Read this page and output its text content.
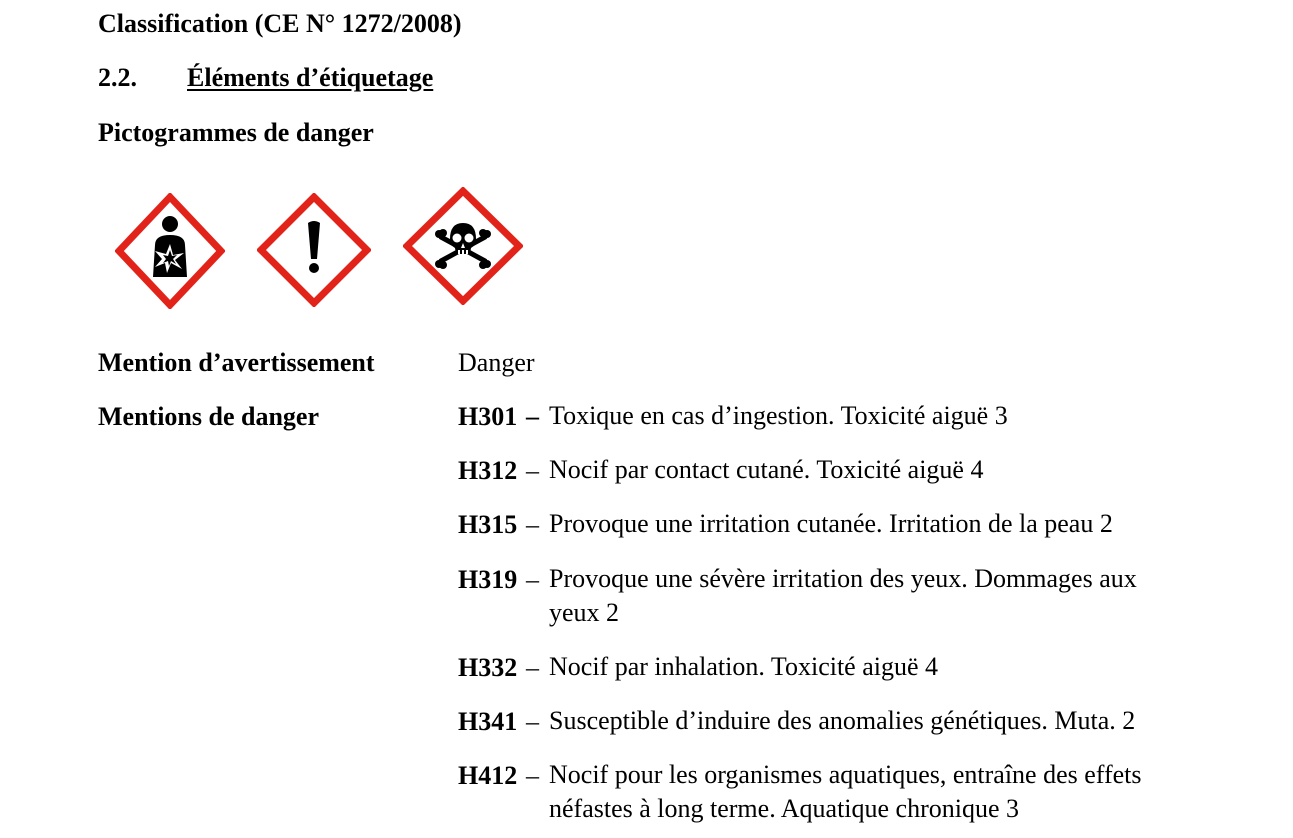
Classification (CE N° 1272/2008)
2.2. Éléments d’étiquetage
Pictogrammes de danger
Mention d’avertissement	Danger
Mentions de danger	H301 – Toxique en cas d’ingestion. Toxicité aiguë 3
H312 – Nocif par contact cutané. Toxicité aiguë 4
H315 – Provoque une irritation cutanée. Irritation de la peau 2
H319 – Provoque une sévère irritation des yeux. Dommages aux yeux 2
H332 – Nocif par inhalation. Toxicité aiguë 4
H341 – Susceptible d’induire des anomalies génétiques. Muta. 2
H412 – Nocif pour les organismes aquatiques, entraîne des effets néfastes à long terme. Aquatique chronique 3
